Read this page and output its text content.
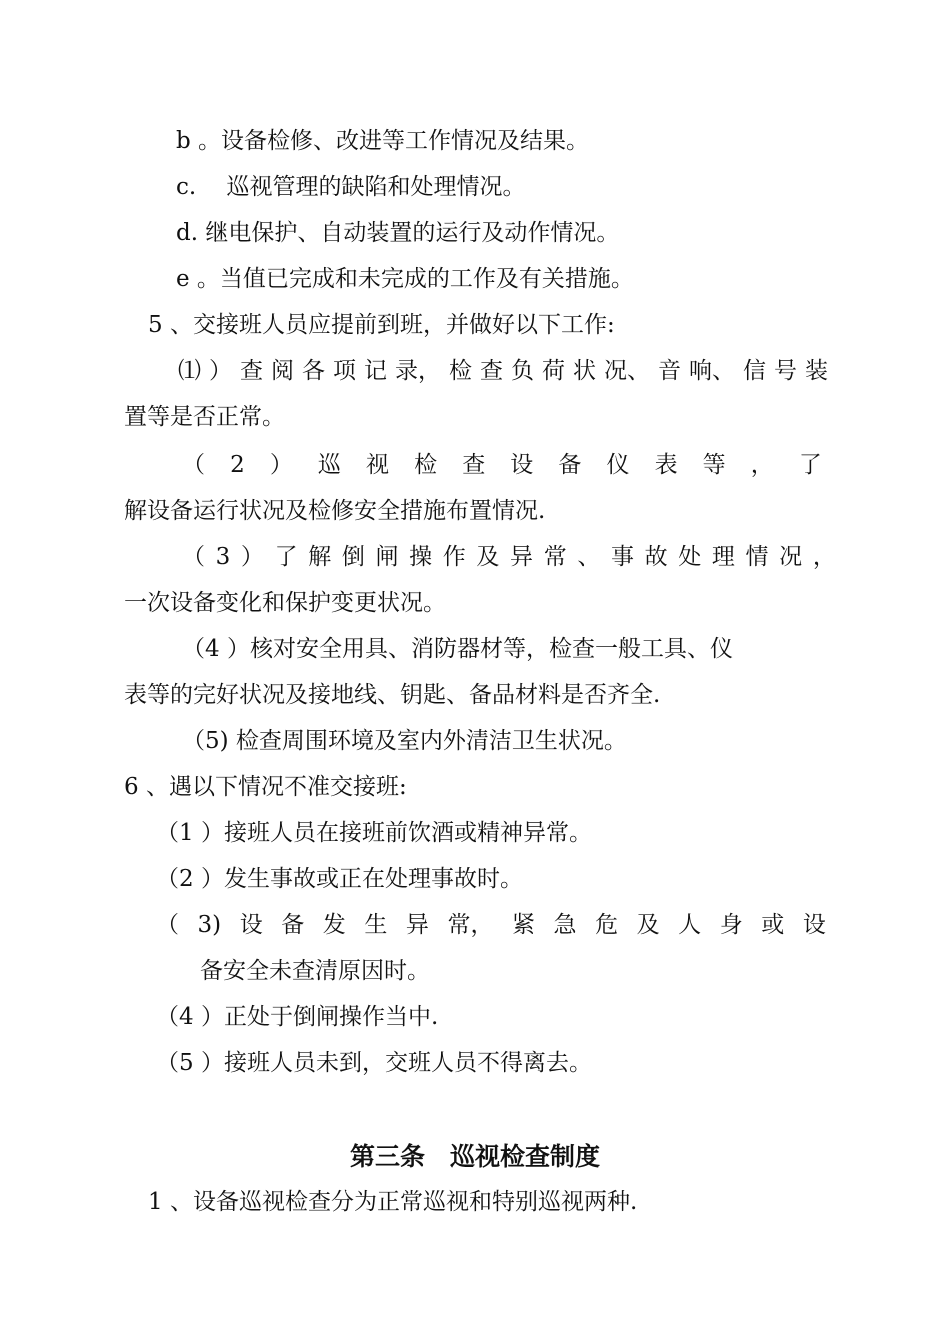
b 。设备检修、改进等工作情况及结果。
c.　 巡视管理的缺陷和处理情况。
d. 继电保护、自动装置的运行及动作情况。
e 。当值已完成和未完成的工作及有关措施。
5 、交接班人员应提前到班，并做好以下工作:
⑴ ） 查 阅 各 项 记 录， 检 查 负 荷 状 况、 音 响、 信 号 装
置等是否正常。
（ 2 ） 巡 视 检 查 设 备 仪 表 等 ， 了
解设备运行状况及检修安全措施布置情况.
（ 3 ） 了 解 倒 闸 操 作 及 异 常 、 事 故 处 理 情 况 ，
一次设备变化和保护变更状况。
（4 ）核对安全用具、消防器材等，检查一般工具、仪
表等的完好状况及接地线、钥匙、备品材料是否齐全.
（5) 检查周围环境及室内外清洁卫生状况。
6 、遇以下情况不准交接班:
（1 ）接班人员在接班前饮酒或精神异常。
（2 ）发生事故或正在处理事故时。
（ 3) 设 备 发 生 异 常， 紧 急 危 及 人 身 或 设
备安全未查清原因时。
（4 ）正处于倒闸操作当中.
（5 ）接班人员未到，交班人员不得离去。
第三条　巡视检查制度
1 、设备巡视检查分为正常巡视和特别巡视两种.
